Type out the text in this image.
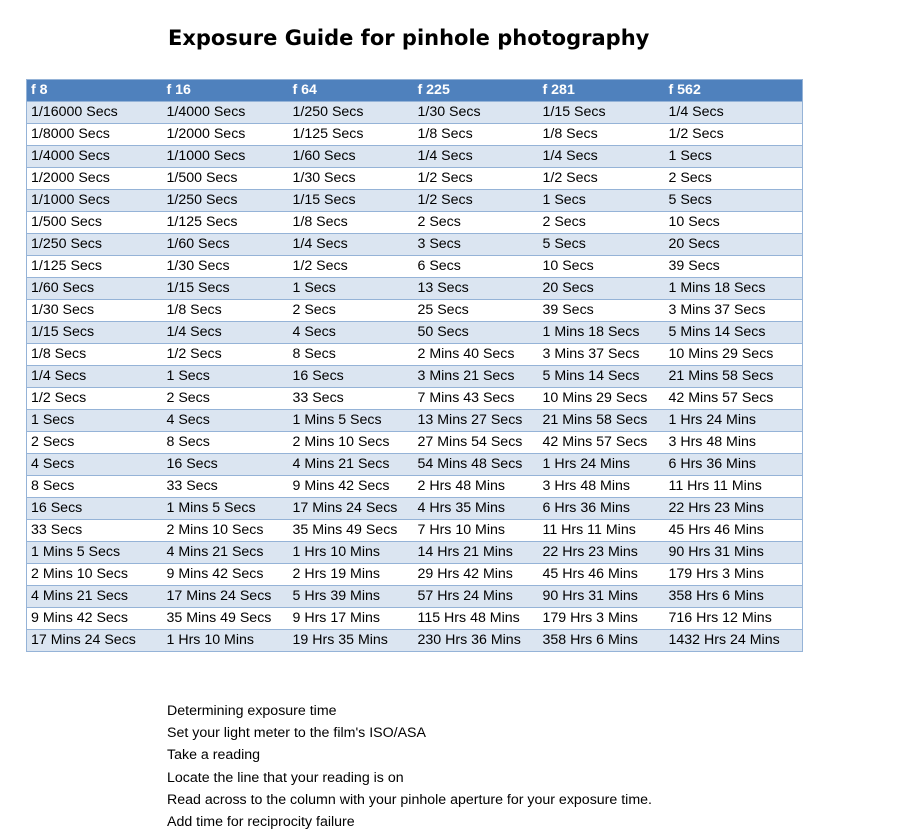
Exposure Guide for pinhole photography
f 8	f 16	f 64	f 225	f 281	f 562
1/16000 Secs	1/4000 Secs	1/250 Secs	1/30 Secs	1/15 Secs	1/4 Secs
1/8000 Secs	1/2000 Secs	1/125 Secs	1/8 Secs	1/8 Secs	1/2 Secs
1/4000 Secs	1/1000 Secs	1/60 Secs	1/4 Secs	1/4 Secs	1 Secs
1/2000 Secs	1/500 Secs	1/30 Secs	1/2 Secs	1/2 Secs	2 Secs
1/1000 Secs	1/250 Secs	1/15 Secs	1/2 Secs	1 Secs	5 Secs
1/500 Secs	1/125 Secs	1/8 Secs	2 Secs	2 Secs	10 Secs
1/250 Secs	1/60 Secs	1/4 Secs	3 Secs	5 Secs	20 Secs
1/125 Secs	1/30 Secs	1/2 Secs	6 Secs	10 Secs	39 Secs
1/60 Secs	1/15 Secs	1 Secs	13 Secs	20 Secs	1 Mins 18 Secs
1/30 Secs	1/8 Secs	2 Secs	25 Secs	39 Secs	3 Mins 37 Secs
1/15 Secs	1/4 Secs	4 Secs	50 Secs	1 Mins 18 Secs	5 Mins 14 Secs
1/8 Secs	1/2 Secs	8 Secs	2 Mins 40 Secs	3 Mins 37 Secs	10 Mins 29 Secs
1/4 Secs	1 Secs	16 Secs	3 Mins 21 Secs	5 Mins 14 Secs	21 Mins 58 Secs
1/2 Secs	2 Secs	33 Secs	7 Mins 43 Secs	10 Mins 29 Secs	42 Mins 57 Secs
1 Secs	4 Secs	1 Mins 5 Secs	13 Mins 27 Secs	21 Mins 58 Secs	1 Hrs 24 Mins
2 Secs	8 Secs	2 Mins 10 Secs	27 Mins 54 Secs	42 Mins 57 Secs	3 Hrs 48 Mins
4 Secs	16 Secs	4 Mins 21 Secs	54 Mins 48 Secs	1 Hrs 24 Mins	6 Hrs 36 Mins
8 Secs	33 Secs	9 Mins 42 Secs	2 Hrs 48 Mins	3 Hrs 48 Mins	11 Hrs 11 Mins
16 Secs	1 Mins 5 Secs	17 Mins 24 Secs	4 Hrs 35 Mins	6 Hrs 36 Mins	22 Hrs 23 Mins
33 Secs	2 Mins 10 Secs	35 Mins 49 Secs	7 Hrs 10 Mins	11 Hrs 11 Mins	45 Hrs 46 Mins
1 Mins 5 Secs	4 Mins 21 Secs	1 Hrs 10 Mins	14 Hrs 21 Mins	22 Hrs 23 Mins	90 Hrs 31 Mins
2 Mins 10 Secs	9 Mins 42 Secs	2 Hrs 19 Mins	29 Hrs 42 Mins	45 Hrs 46 Mins	179 Hrs 3 Mins
4 Mins 21 Secs	17 Mins 24 Secs	5 Hrs 39 Mins	57 Hrs 24 Mins	90 Hrs 31 Mins	358 Hrs 6 Mins
9 Mins 42 Secs	35 Mins 49 Secs	9 Hrs 17 Mins	115 Hrs 48 Mins	179 Hrs 3 Mins	716 Hrs 12 Mins
17 Mins 24 Secs	1 Hrs 10 Mins	19 Hrs 35 Mins	230 Hrs 36 Mins	358 Hrs 6 Mins	1432 Hrs 24 Mins
Determining exposure time
Set your light meter to the film's ISO/ASA
Take a reading
Locate the line that your reading is on
Read across to the column with your pinhole aperture for your exposure time.
Add time for reciprocity failure
